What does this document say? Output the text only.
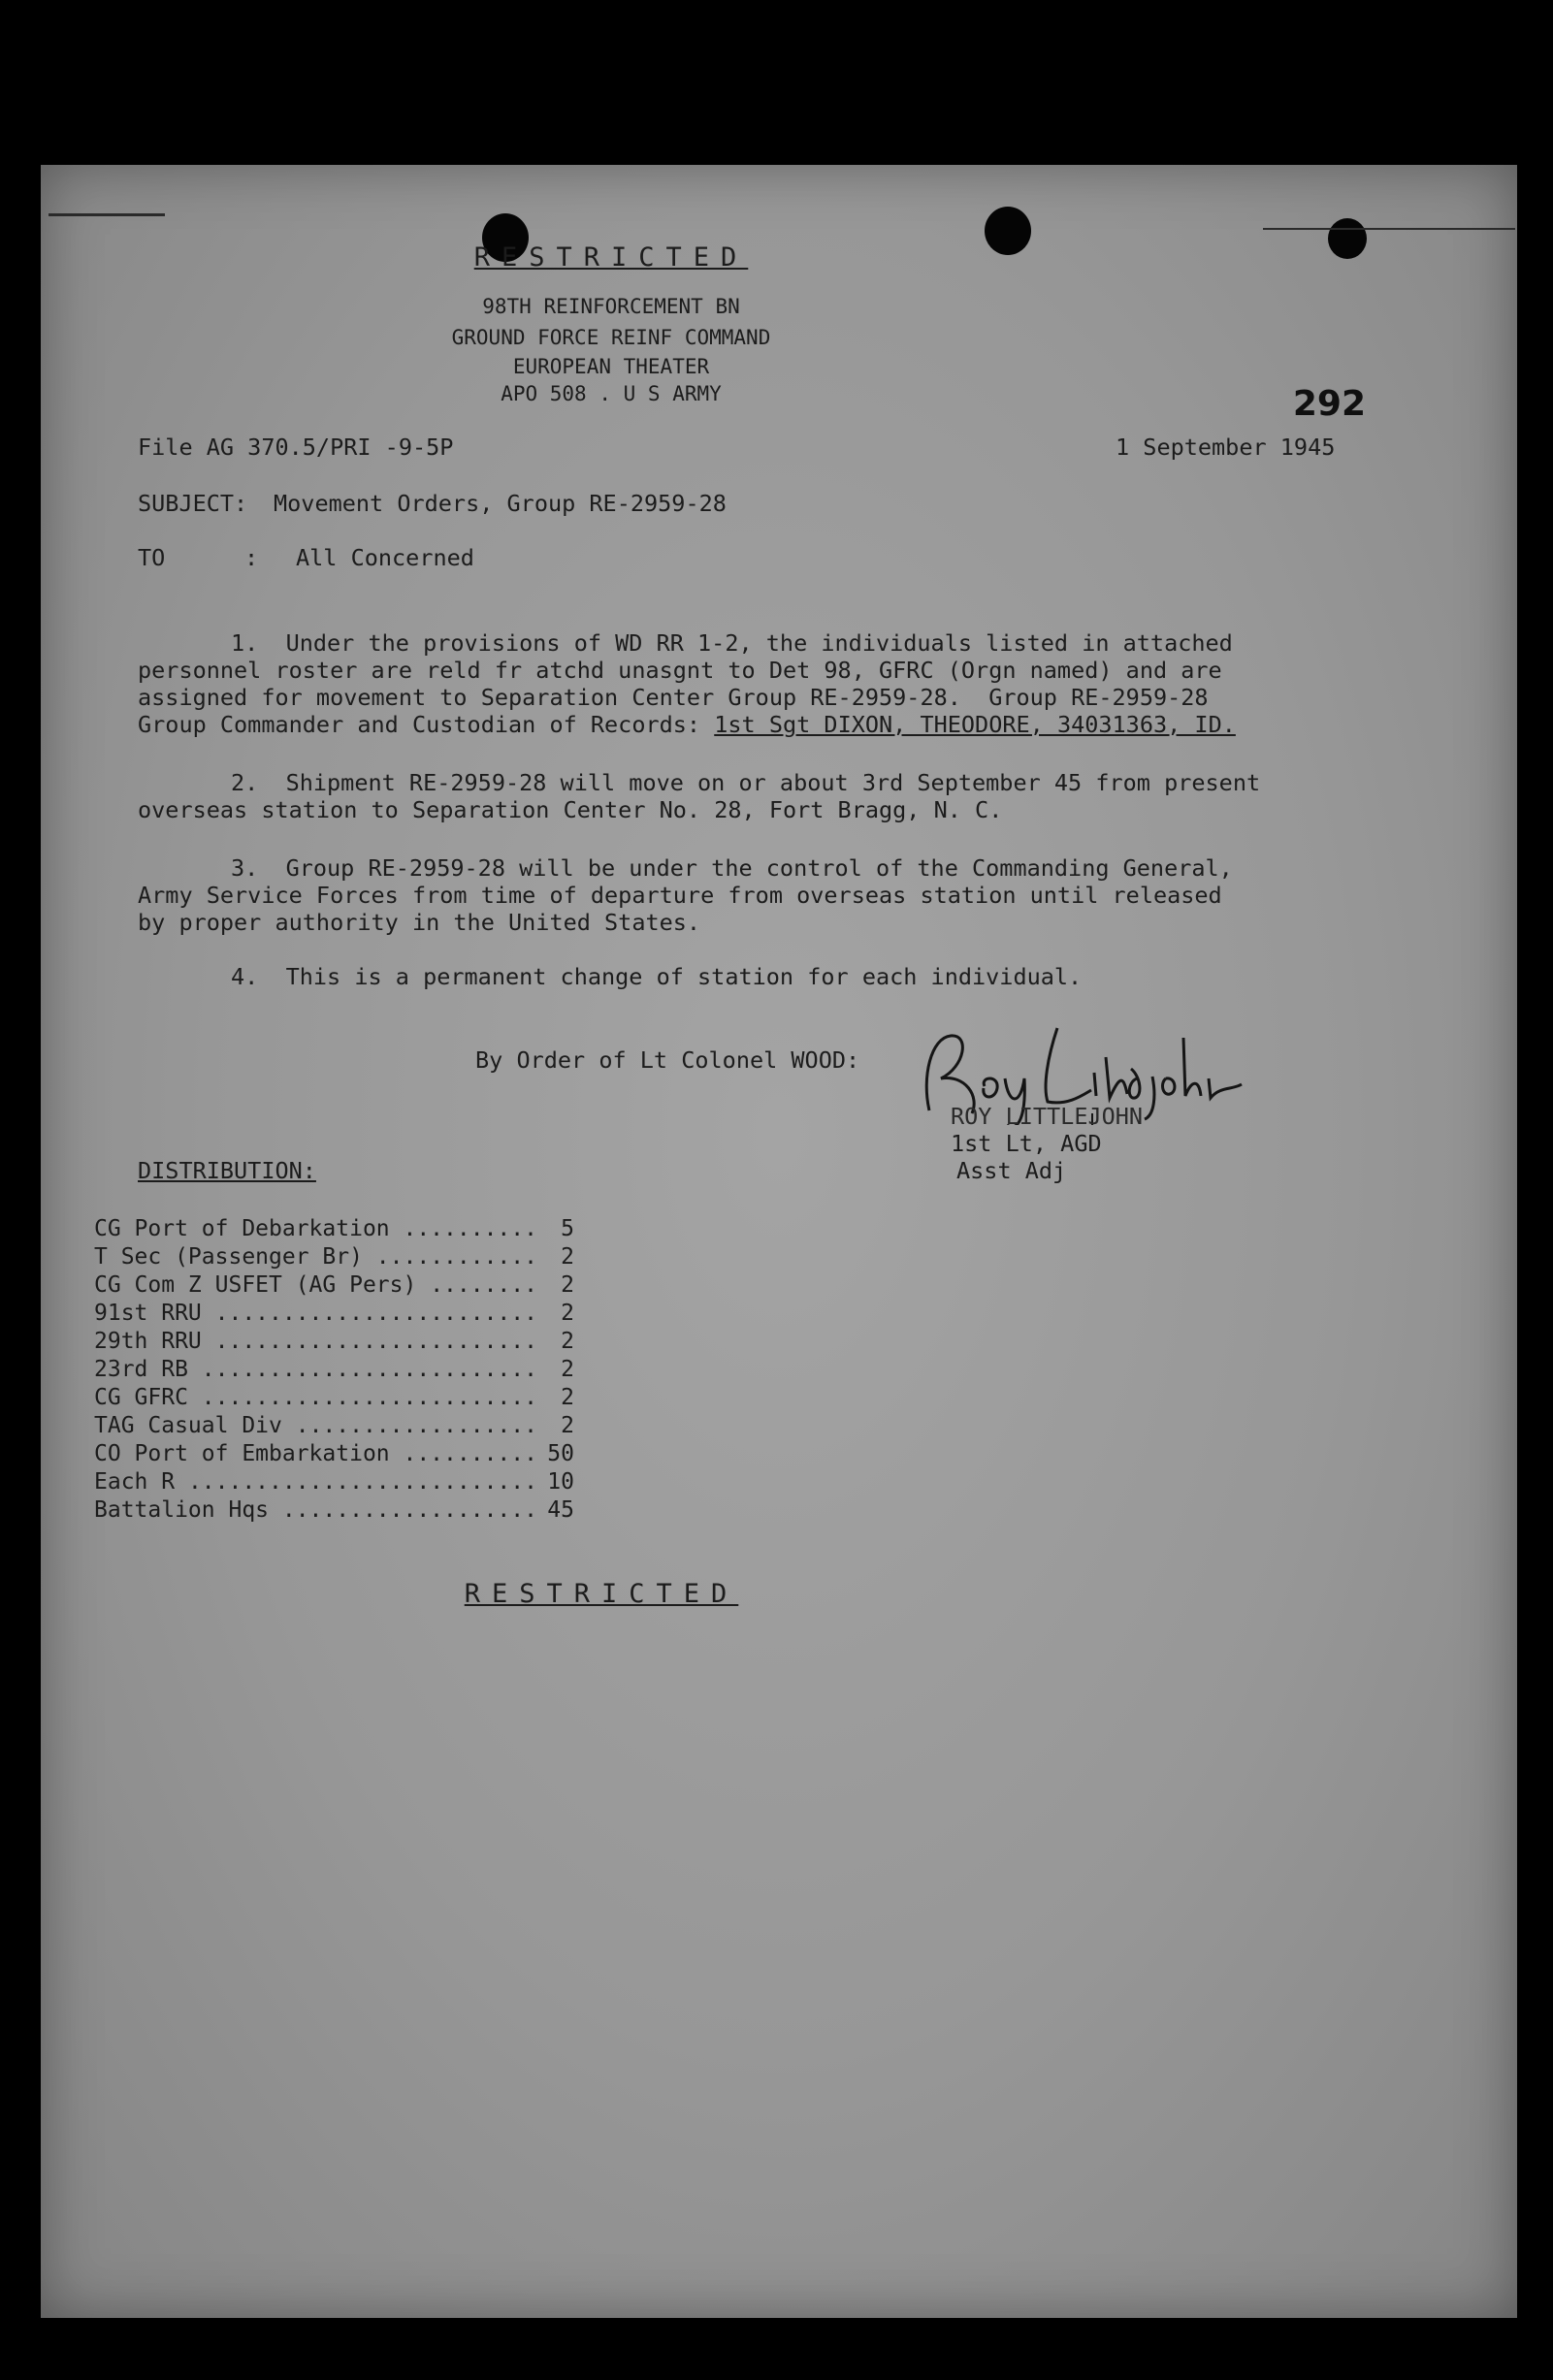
RESTRICTED
98TH REINFORCEMENT BN
GROUND FORCE REINF COMMAND
EUROPEAN THEATER
APO 508 . U S ARMY
File AG 370.5/PRI -9-5P	1 September 1945
SUBJECT: Movement Orders, Group RE-2959-28
TO	: All Concerned
292
1.  Under the provisions of WD RR 1-2, the individuals listed in attached
personnel roster are reld fr atchd unasgnt to Det 98, GFRC (Orgn named) and are
assigned for movement to Separation Center Group RE-2959-28.  Group RE-2959-28
Group Commander and Custodian of Records: 1st Sgt DIXON, THEODORE, 34031363, ID.
2.  Shipment RE-2959-28 will move on or about 3rd September 45 from present
overseas station to Separation Center No. 28, Fort Bragg, N. C.
3.  Group RE-2959-28 will be under the control of the Commanding General,
Army Service Forces from time of departure from overseas station until released
by proper authority in the United States.
4.  This is a permanent change of station for each individual.
By Order of Lt Colonel WOOD:
ROY LITTLEJOHN
1st Lt, AGD
Asst Adj
DISTRIBUTION:
CG Port of Debarkation .....	5
T Sec (Passenger Br) .....	2
CG Com Z USFET (AG Pers) .....	2
91st RRU .....	2
29th RRU .....	2
23rd RB .....	2
CG GFRC .....	2
TAG Casual Div .....	2
CO Port of Embarkation .....	50
Each R .....	10
Battalion Hqs .....	45
RESTRICTED
